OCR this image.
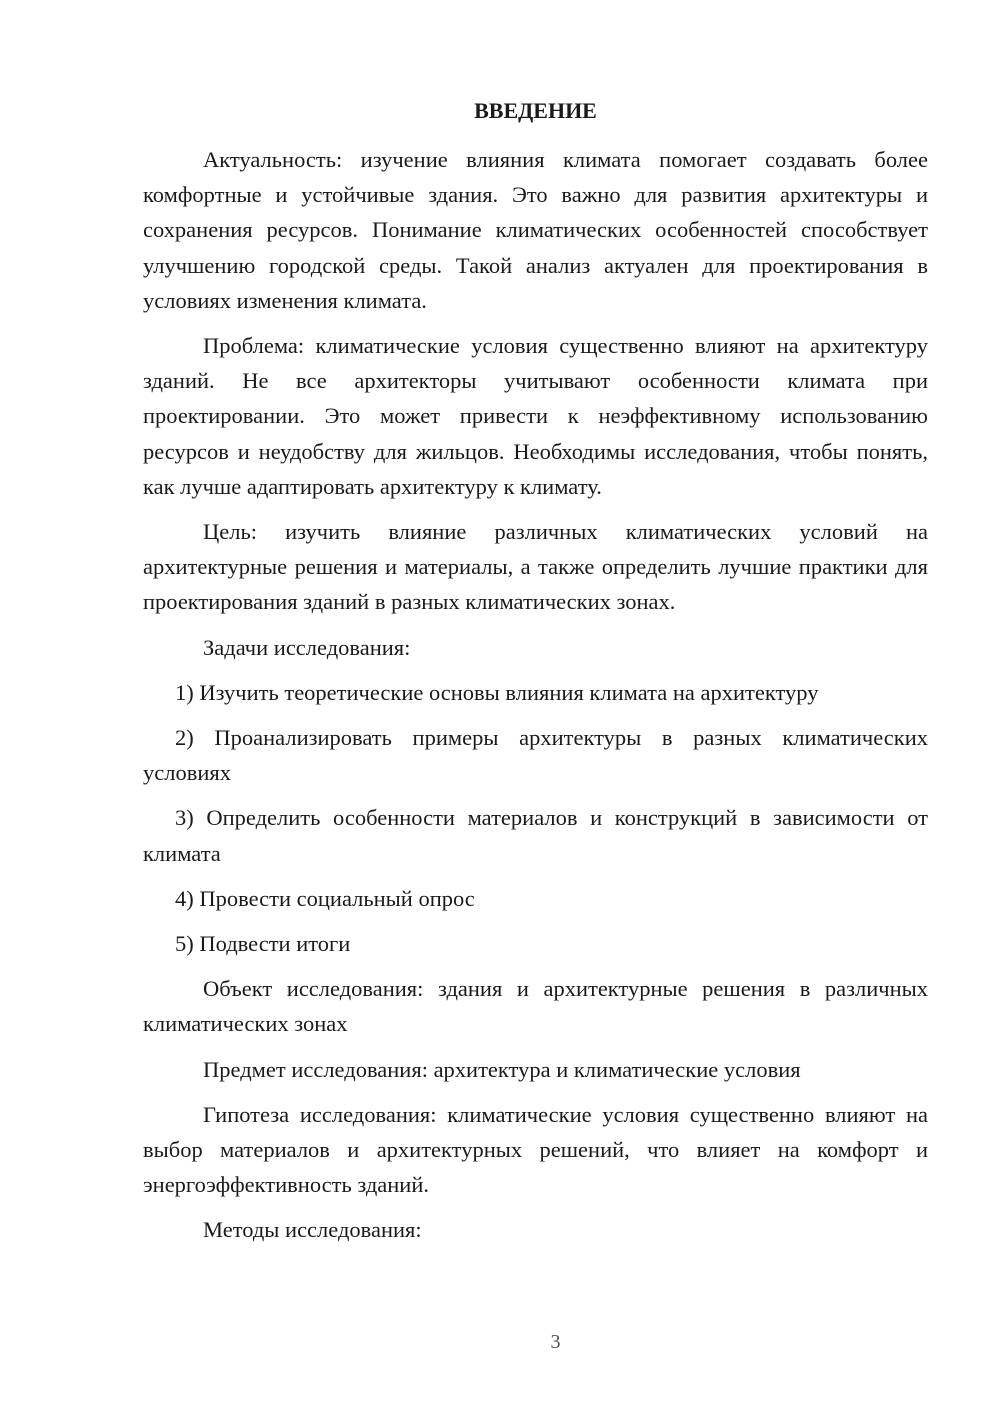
ВВЕДЕНИЕ

Актуальность: изучение влияния климата помогает создавать более комфортные и устойчивые здания. Это важно для развития архитектуры и сохранения ресурсов. Понимание климатических особенностей способствует улучшению городской среды. Такой анализ актуален для проектирования в условиях изменения климата.

Проблема: климатические условия существенно влияют на архитектуру зданий. Не все архитекторы учитывают особенности климата при проектировании. Это может привести к неэффективному использованию ресурсов и неудобству для жильцов. Необходимы исследования, чтобы понять, как лучше адаптировать архитектуру к климату.

Цель: изучить влияние различных климатических условий на архитектурные решения и материалы, а также определить лучшие практики для проектирования зданий в разных климатических зонах.

Задачи исследования:

1) Изучить теоретические основы влияния климата на архитектуру

2) Проанализировать примеры архитектуры в разных климатических условиях

3) Определить особенности материалов и конструкций в зависимости от климата

4) Провести социальный опрос

5) Подвести итоги

Объект исследования: здания и архитектурные решения в различных климатических зонах

Предмет исследования: архитектура и климатические условия

Гипотеза исследования: климатические условия существенно влияют на выбор материалов и архитектурных решений, что влияет на комфорт и энергоэффективность зданий.

Методы исследования:

3
